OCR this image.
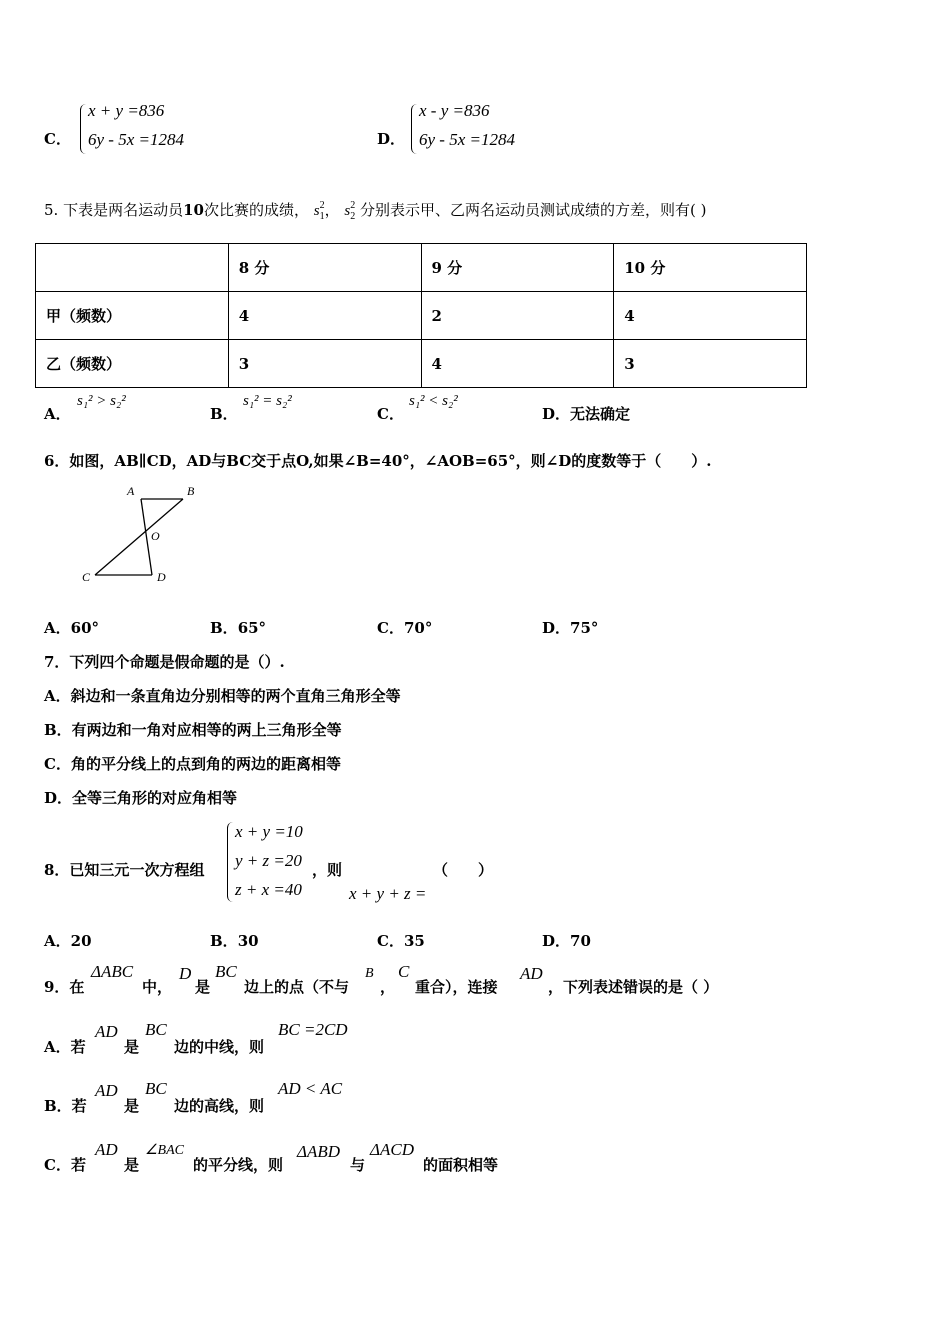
C．
x + y =836
6y - 5x =1284	D．
x - y =836
6y - 5x =1284
5. 下表是两名运动员10次比赛的成绩， $s^2_1$， $s^2_2$ 分别表示甲、乙两名运动员测试成绩的方差，则有( )
	8 分	9 分	10 分
甲（频数）	4	2	4
乙（频数）	3	4	3
A．
s₁² > s₂²
B．
s₁² = s₂²
C．
s₁² < s₂²
D．无法确定
6．如图，AB∥CD，AD与BC交于点O,如果∠B=40°，∠AOB=65°，则∠D的度数等于（　　）.
A	B
O
C	D
A．60°	B．65°	C．70°	D．75°
7．下列四个命题是假命题的是（）.
A．斜边和一条直角边分别相等的两个直角三角形全等
B．有两边和一角对应相等的两上三角形全等
C．角的平分线上的点到角的两边的距离相等
D．全等三角形的对应角相等
8．已知三元一次方程组
x + y =10
y + z =20
z + x =40
，则
x + y + z =
（　　）
A．20	B．30	C．35	D．70
9．在
ΔABC
中，
D
是
BC
边上的点（不与
B
，
C
重合），连接
AD
，下列表述错误的是（ ）
A．若
AD
是
BC
边的中线，则
BC =2CD
B．若
AD
是
BC
边的高线，则
AD < AC
C．若
AD
是
∠BAC
的平分线，则
ΔABD
与
ΔACD
的面积相等
